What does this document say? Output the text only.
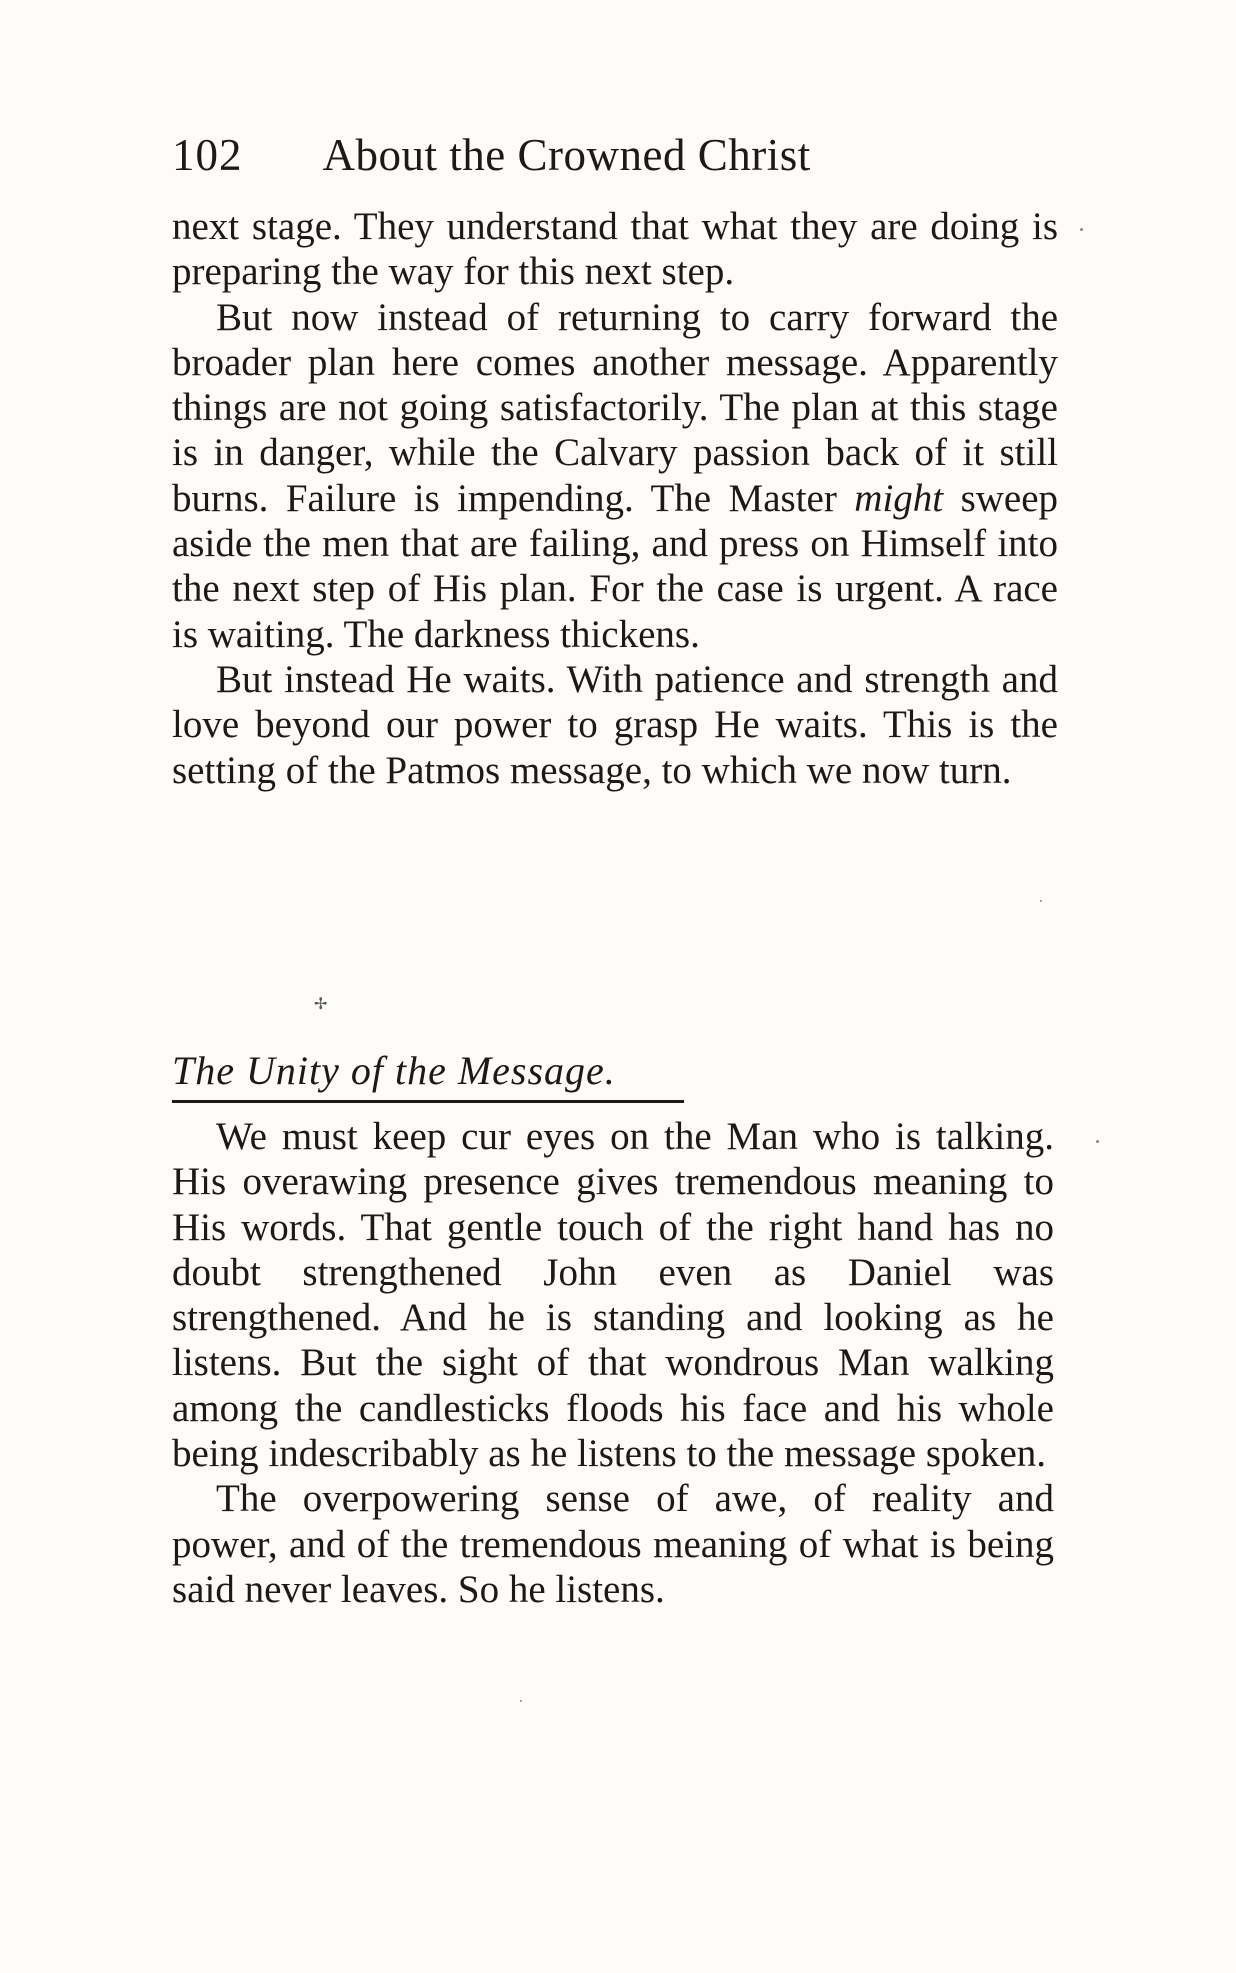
102 About the Crowned Christ

next stage. They understand that what they are doing is preparing the way for this next step.

But now instead of returning to carry forward the broader plan here comes another message. Apparently things are not going satisfactorily. The plan at this stage is in danger, while the Calvary passion back of it still burns. Failure is impending. The Master might sweep aside the men that are failing, and press on Himself into the next step of His plan. For the case is urgent. A race is waiting. The darkness thickens.

But instead He waits. With patience and strength and love beyond our power to grasp He waits. This is the setting of the Patmos message, to which we now turn.

✢
The Unity of the Message.

We must keep cur eyes on the Man who is talking. His overawing presence gives tremendous meaning to His words. That gentle touch of the right hand has no doubt strengthened John even as Daniel was strengthened. And he is standing and looking as he listens. But the sight of that wondrous Man walking among the candlesticks floods his face and his whole being indescribably as he listens to the message spoken.

The overpowering sense of awe, of reality and power, and of the tremendous meaning of ᴡhat is being said never leaves. So he listens.
